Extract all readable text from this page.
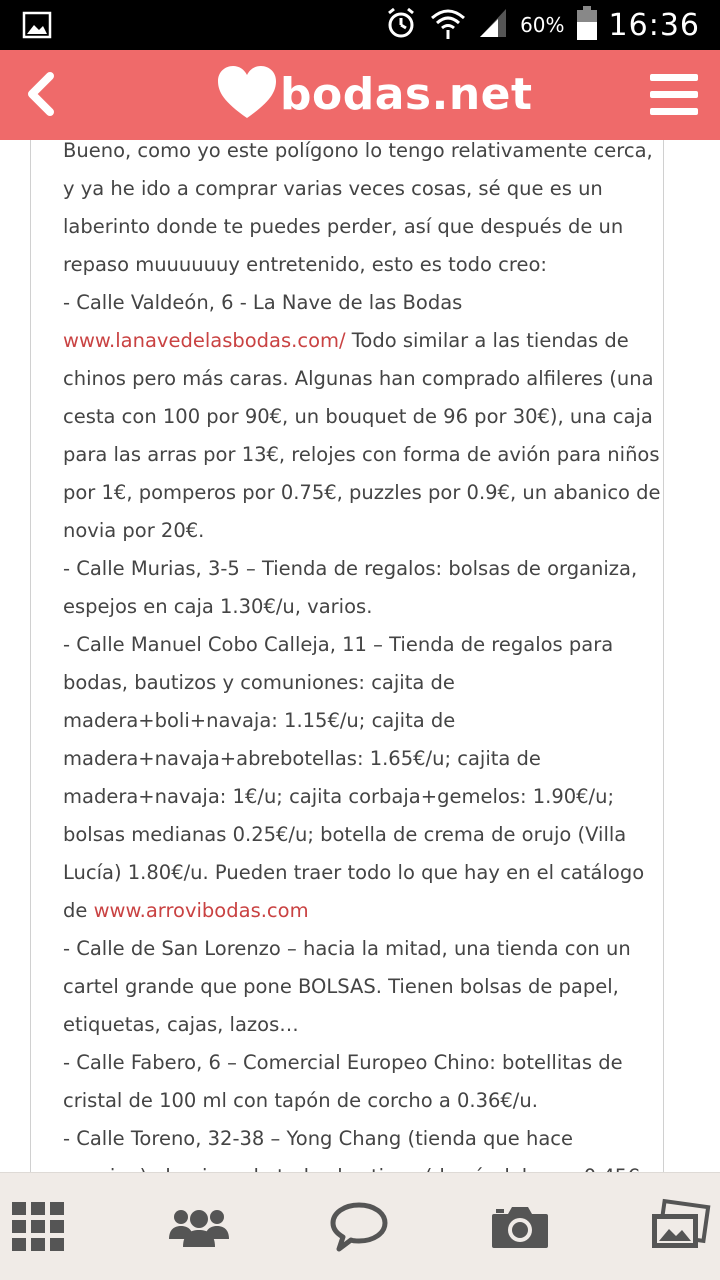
60% 16:36
bodas.net

Bueno, como yo este polígono lo tengo relativamente cerca, y ya he ido a comprar varias veces cosas, sé que es un laberinto donde te puedes perder, así que después de un repaso muuuuuuy entretenido, esto es todo creo:

- Calle Valdeón, 6 - La Nave de las Bodas

www.lanavedelasbodas.com/ Todo similar a las tiendas de chinos pero más caras. Algunas han comprado alfileres (una cesta con 100 por 90€, un bouquet de 96 por 30€), una caja para las arras por 13€, relojes con forma de avión para niños por 1€, pomperos por 0.75€, puzzles por 0.9€, un abanico de novia por 20€.

- Calle Murias, 3-5 – Tienda de regalos: bolsas de organiza, espejos en caja 1.30€/u, varios.

- Calle Manuel Cobo Calleja, 11 – Tienda de regalos para bodas, bautizos y comuniones: cajita de madera+boli+navaja: 1.15€/u; cajita de madera+navaja+abrebotellas: 1.65€/u; cajita de madera+navaja: 1€/u; cajita corbaja+gemelos: 1.90€/u; bolsas medianas 0.25€/u; botella de crema de orujo (Villa Lucía) 1.80€/u. Pueden traer todo lo que hay en el catálogo de www.arrovibodas.com

- Calle de San Lorenzo – hacia la mitad, una tienda con un cartel grande que pone BOLSAS. Tienen bolsas de papel, etiquetas, cajas, lazos…

- Calle Fabero, 6 – Comercial Europeo Chino: botellitas de cristal de 100 ml con tapón de corcho a 0.36€/u.

- Calle Toreno, 32-38 – Yong Chang (tienda que hace
